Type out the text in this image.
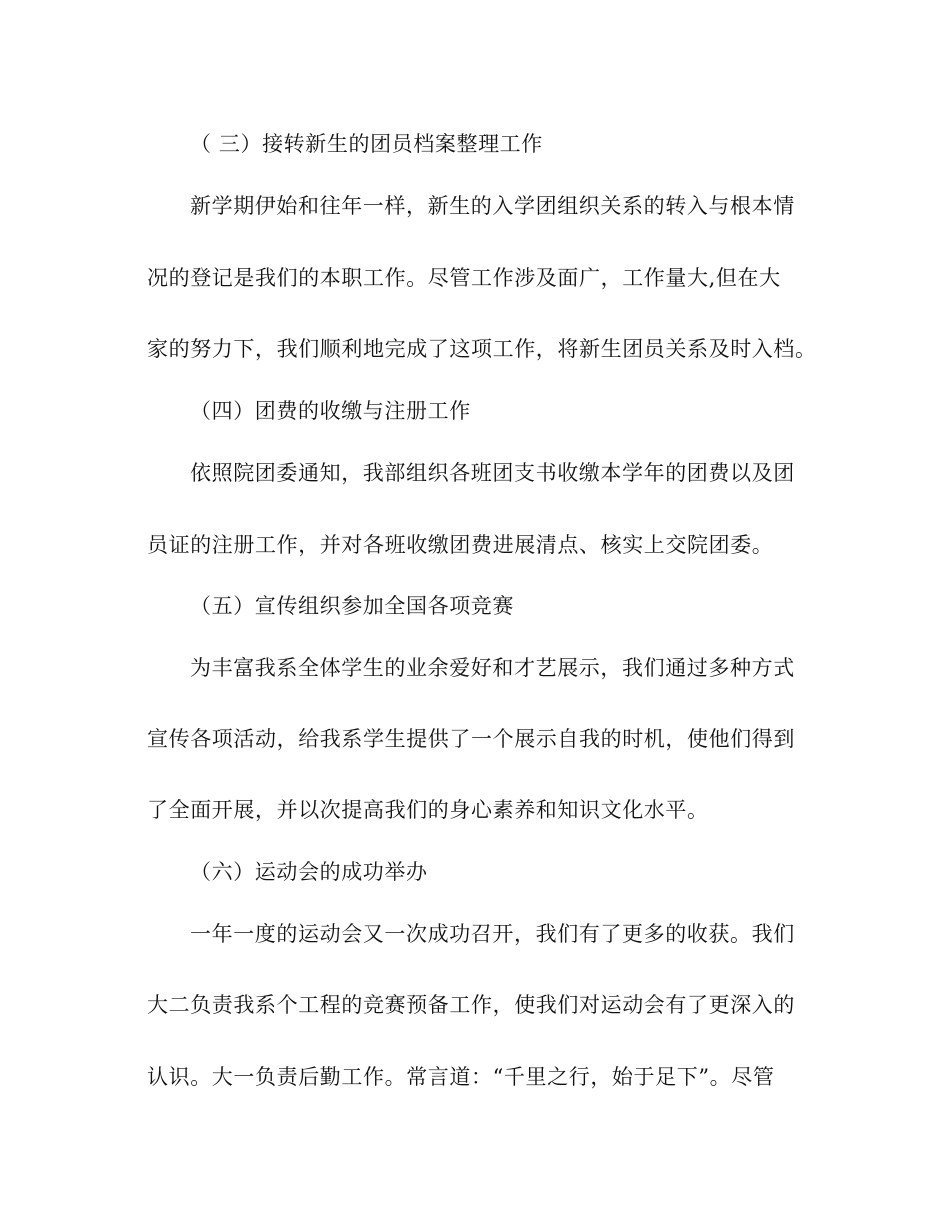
（ 三）接转新生的团员档案整理工作
新学期伊始和往年一样，新生的入学团组织关系的转入与根本情
况的登记是我们的本职工作。尽管工作涉及面广，工作量大,但在大
家的努力下，我们顺利地完成了这项工作，将新生团员关系及时入档。
（四）团费的收缴与注册工作
依照院团委通知，我部组织各班团支书收缴本学年的团费以及团
员证的注册工作，并对各班收缴团费进展清点、核实上交院团委。
（五）宣传组织参加全国各项竞赛
为丰富我系全体学生的业余爱好和才艺展示，我们通过多种方式
宣传各项活动，给我系学生提供了一个展示自我的时机，使他们得到
了全面开展，并以次提高我们的身心素养和知识文化水平。
（六）运动会的成功举办
一年一度的运动会又一次成功召开，我们有了更多的收获。我们
大二负责我系个工程的竞赛预备工作，使我们对运动会有了更深入的
认识。大一负责后勤工作。常言道：“千里之行，始于足下”。尽管
